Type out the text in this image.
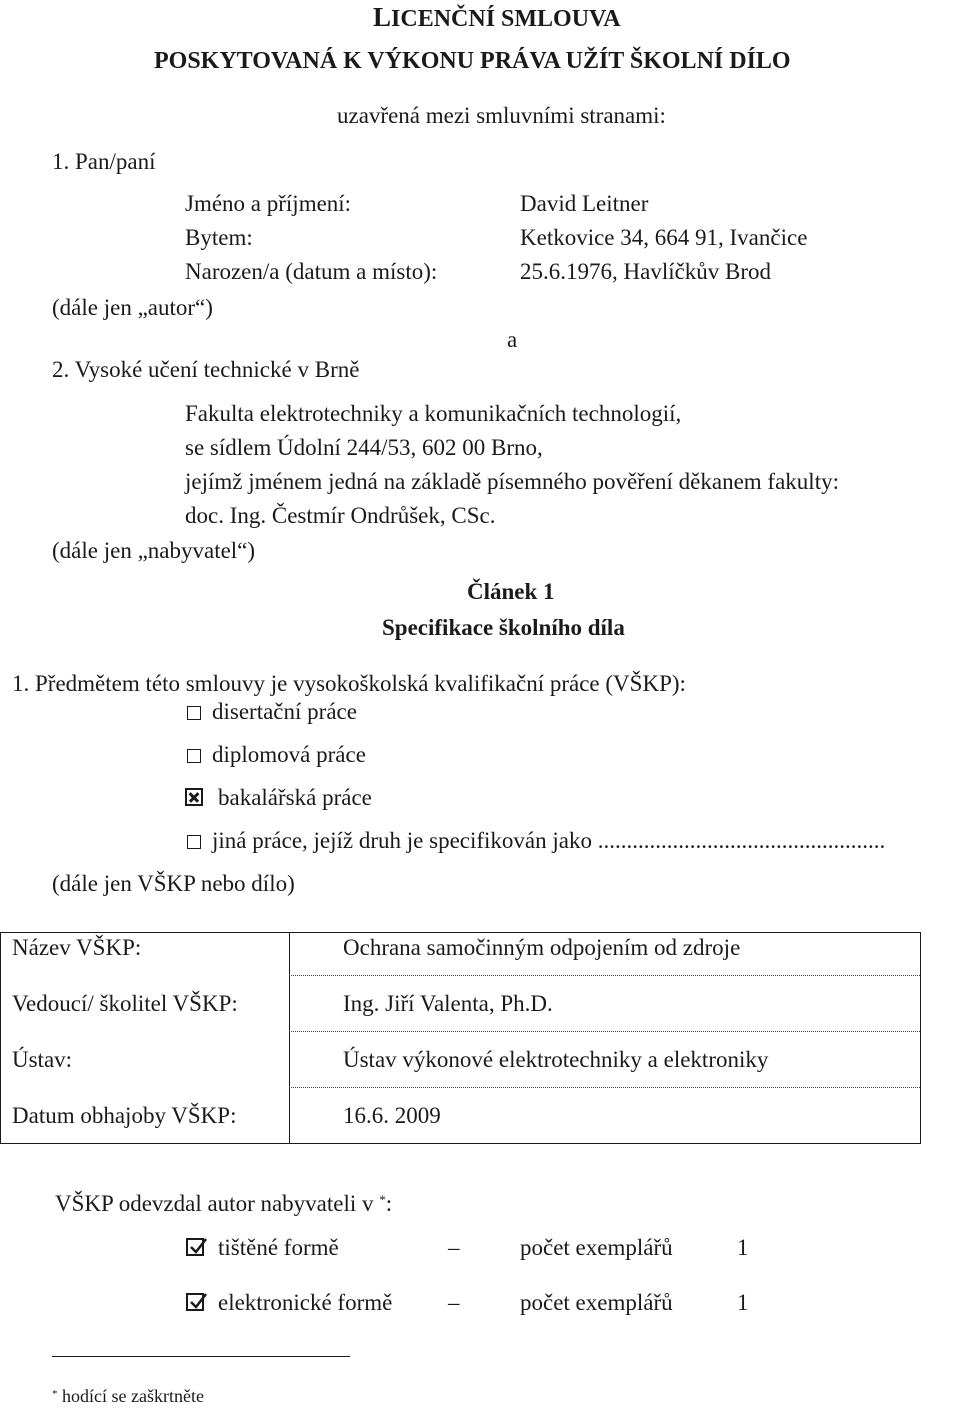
LICENČNÍ SMLOUVA
POSKYTOVANÁ K VÝKONU PRÁVA UŽÍT ŠKOLNÍ DÍLO
uzavřená mezi smluvními stranami:
1. Pan/paní
Jméno a příjmení:	David Leitner
Bytem:	Ketkovice 34, 664 91, Ivančice
Narozen/a (datum a místo):	25.6.1976, Havlíčkův Brod
(dále jen „autor“)
a
2. Vysoké učení technické v Brně
Fakulta elektrotechniky a komunikačních technologií,
se sídlem Údolní 244/53, 602 00 Brno,
jejímž jménem jedná na základě písemného pověření děkanem fakulty:
doc. Ing. Čestmír Ondrůšek, CSc.
(dále jen „nabyvatel“)
Článek 1
Specifikace školního díla
1. Předmětem této smlouvy je vysokoškolská kvalifikační práce (VŠKP):
disertační práce
diplomová práce
bakalářská práce
jiná práce, jejíž druh je specifikován jako ..................................................
(dále jen VŠKP nebo dílo)
Název VŠKP:	Ochrana samočinným odpojením od zdroje
Vedoucí/ školitel VŠKP:	Ing. Jiří Valenta, Ph.D.
Ústav:	Ústav výkonové elektrotechniky a elektroniky
Datum obhajoby VŠKP:	16.6. 2009
VŠKP odevzdal autor nabyvateli v *:
tištěné formě	–	počet exemplářů	1
elektronické formě –	počet exemplářů	1
* hodící se zaškrtněte
